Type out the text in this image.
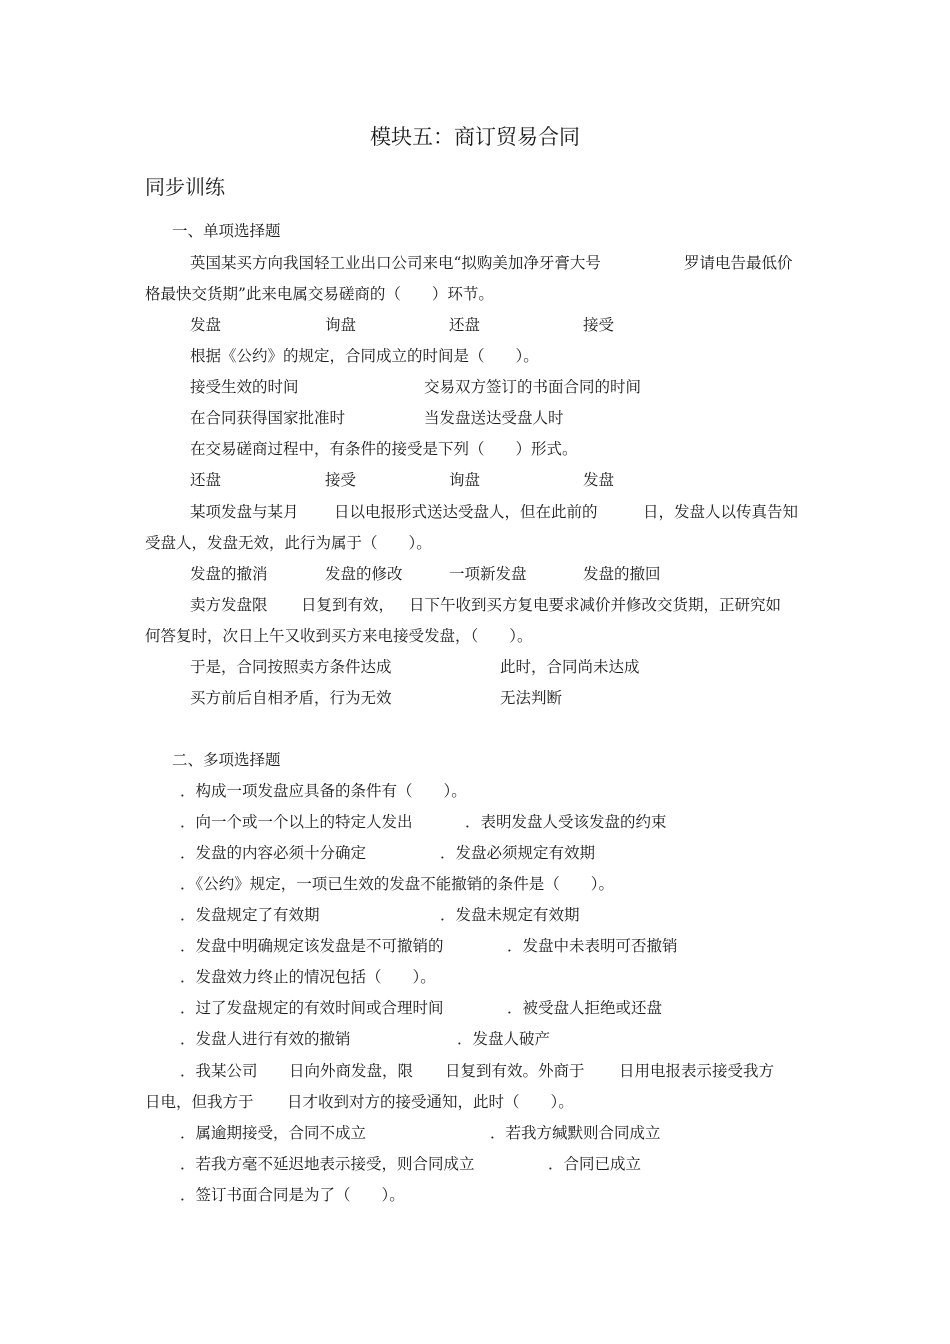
模块五：商订贸易合同
同步训练
一、单项选择题
英国某买方向我国轻工业出口公司来电“拟购美加净牙膏大号	罗请电告最低价
格最快交货期”此来电属交易磋商的（　　）环节。
发盘	询盘	还盘	接受
根据《公约》的规定，合同成立的时间是（　　）。
接受生效的时间	交易双方签订的书面合同的时间
在合同获得国家批准时	当发盘送达受盘人时
在交易磋商过程中，有条件的接受是下列（　　）形式。
还盘	接受	询盘	发盘
某项发盘与某月 日以电报形式送达受盘人，但在此前的	日，发盘人以传真告知
受盘人，发盘无效，此行为属于（　　）。
发盘的撤消	发盘的修改	一项新发盘	发盘的撤回
卖方发盘限 日复到有效， 日下午收到买方复电要求减价并修改交货期，正研究如
何答复时，次日上午又收到买方来电接受发盘，（　　）。
于是，合同按照卖方条件达成	此时，合同尚未达成
买方前后自相矛盾，行为无效	无法判断
二、多项选择题
．构成一项发盘应具备的条件有（　　）。
．向一个或一个以上的特定人发出	．表明发盘人受该发盘的约束
．发盘的内容必须十分确定	．发盘必须规定有效期
．《公约》规定，一项已生效的发盘不能撤销的条件是（　　）。
．发盘规定了有效期	．发盘未规定有效期
．发盘中明确规定该发盘是不可撤销的	．发盘中未表明可否撤销
．发盘效力终止的情况包括（　　）。
．过了发盘规定的有效时间或合理时间	．被受盘人拒绝或还盘
．发盘人进行有效的撤销	．发盘人破产
．我某公司 日向外商发盘，限 日复到有效。外商于 日用电报表示接受我方
日电，但我方于 日才收到对方的接受通知，此时（　　）。
．属逾期接受，合同不成立	．若我方缄默则合同成立
．若我方毫不延迟地表示接受，则合同成立	．合同已成立
．签订书面合同是为了（　　）。
